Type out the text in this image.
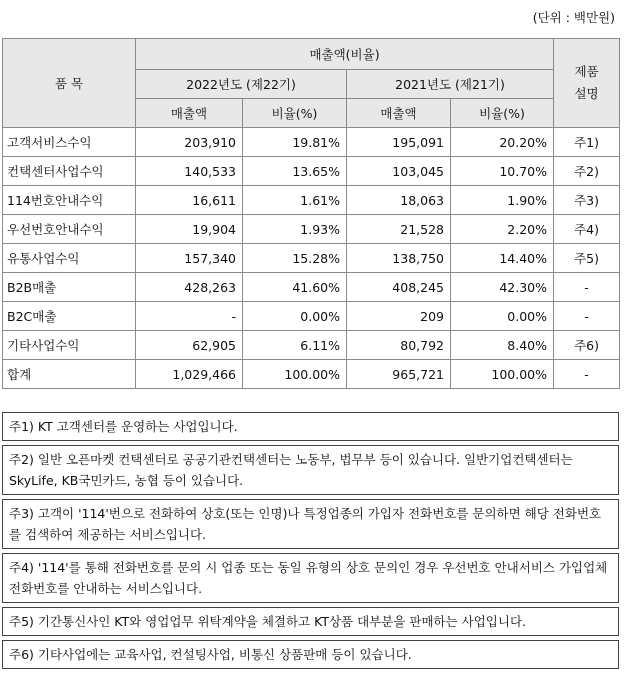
(단위 : 백만원)
품 목	매출액(비율)				제품
설명

	2022년도 (제22기)		2021년도 (제21기)		
	매출액	비율(%)	매출액	비율(%)	
고객서비스수익	203,910	19.81%	195,091	20.20%	주1)
컨택센터사업수익	140,533	13.65%	103,045	10.70%	주2)
114번호안내수익	16,611	1.61%	18,063	1.90%	주3)
우선번호안내수익	19,904	1.93%	21,528	2.20%	주4)
유통사업수익	157,340	15.28%	138,750	14.40%	주5)
B2B매출	428,263	41.60%	408,245	42.30%	-
B2C매출	-	0.00%	209	0.00%	-
기타사업수익	62,905	6.11%	80,792	8.40%	주6)
합계	1,029,466	100.00%	965,721	100.00%	-
주1) KT 고객센터를 운영하는 사업입니다.
주2) 일반 오픈마켓 컨택센터로 공공기관컨택센터는 노동부, 법무부 등이 있습니다. 일반기업컨택센터는 SkyLife, KB국민카드, 농협 등이 있습니다.
주3) 고객이 '114'번으로 전화하여 상호(또는 인명)나 특정업종의 가입자 전화번호를 문의하면 해당 전화번호를 검색하여 제공하는 서비스입니다.
주4) '114'를 통해 전화번호를 문의 시 업종 또는 동일 유형의 상호 문의인 경우 우선번호 안내서비스 가입업체 전화번호를 안내하는 서비스입니다.
주5) 기간통신사인 KT와 영업업무 위탁계약을 체결하고 KT상품 대부분을 판매하는 사업입니다.
주6) 기타사업에는 교육사업, 컨설팅사업, 비통신 상품판매 등이 있습니다.
